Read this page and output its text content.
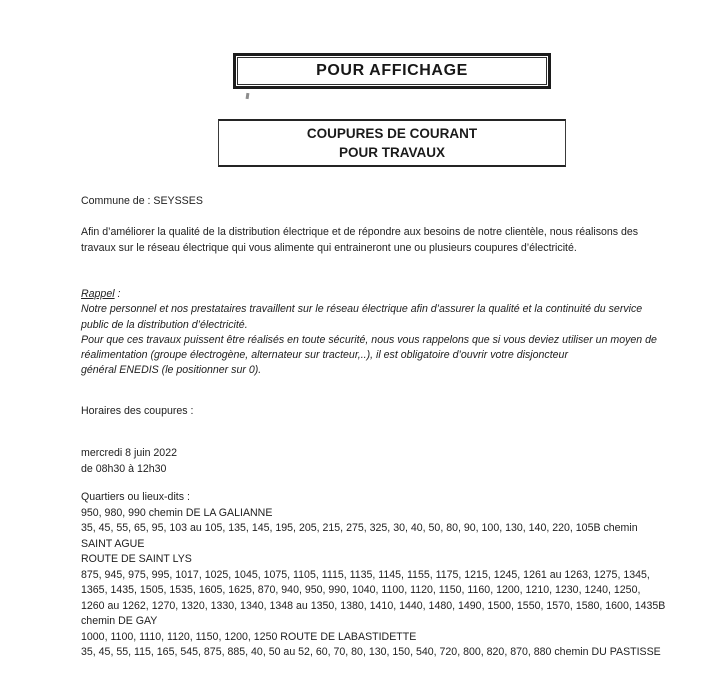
POUR AFFICHAGE
COUPURES DE COURANT
POUR TRAVAUX
Commune de : SEYSSES
Afin d’améliorer la qualité de la distribution électrique et de répondre aux besoins de notre clientèle, nous réalisons des
travaux sur le réseau électrique qui vous alimente qui entraineront une ou plusieurs coupures d’électricité.
Rappel :
Notre personnel et nos prestataires travaillent sur le réseau électrique afin d’assurer la qualité et la continuité du service
public de la distribution d’électricité.
Pour que ces travaux puissent être réalisés en toute sécurité, nous vous rappelons que si vous deviez utiliser un moyen de
réalimentation (groupe électrogène, alternateur sur tracteur,..), il est obligatoire d’ouvrir votre disjoncteur
général ENEDIS (le positionner sur 0).
Horaires des coupures :
mercredi 8 juin 2022
de 08h30 à 12h30
Quartiers ou lieux-dits :
950, 980, 990 chemin DE LA GALIANNE
35, 45, 55, 65, 95, 103 au 105, 135, 145, 195, 205, 215, 275, 325, 30, 40, 50, 80, 90, 100, 130, 140, 220, 105B chemin
SAINT AGUE
ROUTE DE SAINT LYS
875, 945, 975, 995, 1017, 1025, 1045, 1075, 1105, 1115, 1135, 1145, 1155, 1175, 1215, 1245, 1261 au 1263, 1275, 1345,
1365, 1435, 1505, 1535, 1605, 1625, 870, 940, 950, 990, 1040, 1100, 1120, 1150, 1160, 1200, 1210, 1230, 1240, 1250,
1260 au 1262, 1270, 1320, 1330, 1340, 1348 au 1350, 1380, 1410, 1440, 1480, 1490, 1500, 1550, 1570, 1580, 1600, 1435B
chemin DE GAY
1000, 1100, 1110, 1120, 1150, 1200, 1250 ROUTE DE LABASTIDETTE
35, 45, 55, 115, 165, 545, 875, 885, 40, 50 au 52, 60, 70, 80, 130, 150, 540, 720, 800, 820, 870, 880 chemin DU PASTISSE
